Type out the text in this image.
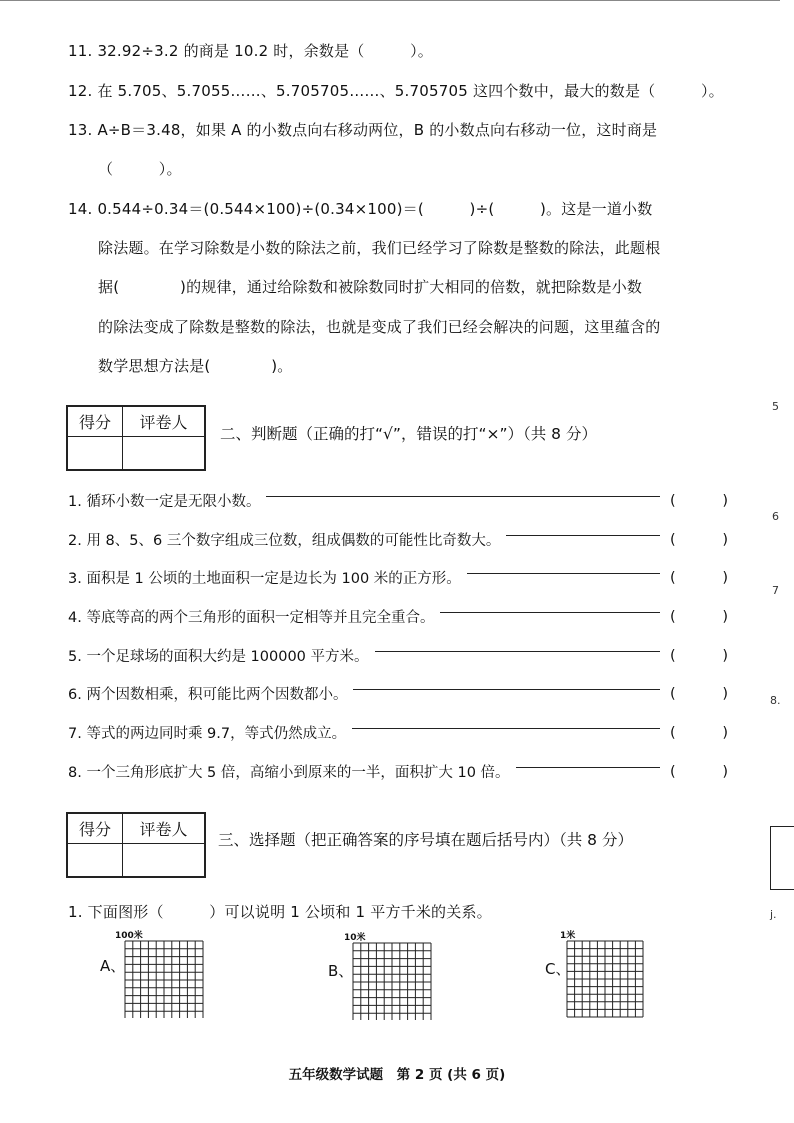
11. 32.92÷3.2 的商是 10.2 时，余数是（　　　）。
12. 在 5.705、5.7055……、5.705705……、5.705705 这四个数中，最大的数是（　　　）。
13. A÷B＝3.48，如果 A 的小数点向右移动两位，B 的小数点向右移动一位，这时商是
（　　　）。
14. 0.544÷0.34＝(0.544×100)÷(0.34×100)＝(　　　)÷(　　　)。这是一道小数
除法题。在学习除数是小数的除法之前，我们已经学习了除数是整数的除法，此题根
据(　　　　)的规律，通过给除数和被除数同时扩大相同的倍数，就把除数是小数
的除法变成了除数是整数的除法，也就是变成了我们已经会解决的问题，这里蕴含的
数学思想方法是(　　　　)。
得分	评卷人

二、判断题（正确的打“√”，错误的打“×”）（共 8 分）
1. 循环小数一定是无限小数。	(	)
2. 用 8、5、6 三个数字组成三位数，组成偶数的可能性比奇数大。	(	)
3. 面积是 1 公顷的土地面积一定是边长为 100 米的正方形。	(	)
4. 等底等高的两个三角形的面积一定相等并且完全重合。	(	)
5. 一个足球场的面积大约是 100000 平方米。	(	)
6. 两个因数相乘，积可能比两个因数都小。	(	)
7. 等式的两边同时乘 9.7，等式仍然成立。	(	)
8. 一个三角形底扩大 5 倍，高缩小到原来的一半，面积扩大 10 倍。	(	)
得分	评卷人

三、选择题（把正确答案的序号填在题后括号内）（共 8 分）
1. 下面图形（　　　）可以说明 1 公顷和 1 平方千米的关系。
A、
100米
B、
10米
C、
1米
5
6
7
8.
j.
五年级数学试题　第 2 页 (共 6 页)
